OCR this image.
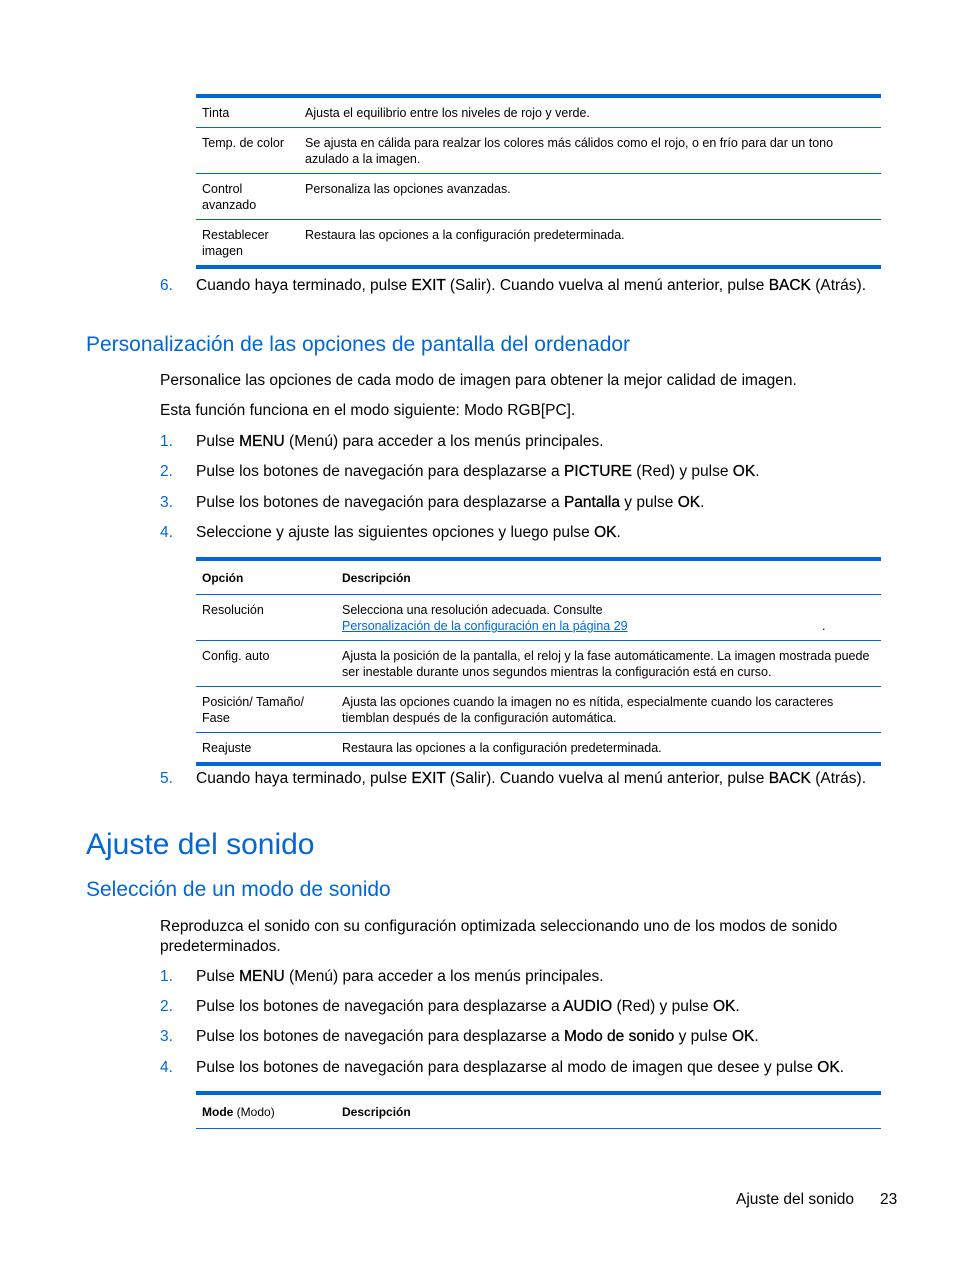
Tinta	Ajusta el equilibrio entre los niveles de rojo y verde.
Temp. de color	Se ajusta en cálida para realzar los colores más cálidos como el rojo, o en frío para dar un tono azulado a la imagen.
Control avanzado	Personaliza las opciones avanzadas.
Restablecer imagen	Restaura las opciones a la configuración predeterminada.
6. Cuando haya terminado, pulse EXIT (Salir). Cuando vuelva al menú anterior, pulse BACK (Atrás).
Personalización de las opciones de pantalla del ordenador
Personalice las opciones de cada modo de imagen para obtener la mejor calidad de imagen.
Esta función funciona en el modo siguiente: Modo RGB[PC].
1. Pulse MENU (Menú) para acceder a los menús principales.
2. Pulse los botones de navegación para desplazarse a PICTURE (Red) y pulse OK.
3. Pulse los botones de navegación para desplazarse a Pantalla y pulse OK.
4. Seleccione y ajuste las siguientes opciones y luego pulse OK.
Opción	Descripción
Resolución	Selecciona una resolución adecuada. Consulte Personalización de la configuración en la página 29 .
Config. auto	Ajusta la posición de la pantalla, el reloj y la fase automáticamente. La imagen mostrada puede ser inestable durante unos segundos mientras la configuración está en curso.
Posición/ Tamaño/ Fase	Ajusta las opciones cuando la imagen no es nítida, especialmente cuando los caracteres tiemblan después de la configuración automática.
Reajuste	Restaura las opciones a la configuración predeterminada.
5. Cuando haya terminado, pulse EXIT (Salir). Cuando vuelva al menú anterior, pulse BACK (Atrás).
Ajuste del sonido
Selección de un modo de sonido
Reproduzca el sonido con su configuración optimizada seleccionando uno de los modos de sonido predeterminados.
1. Pulse MENU (Menú) para acceder a los menús principales.
2. Pulse los botones de navegación para desplazarse a AUDIO (Red) y pulse OK.
3. Pulse los botones de navegación para desplazarse a Modo de sonido y pulse OK.
4. Pulse los botones de navegación para desplazarse al modo de imagen que desee y pulse OK.
Mode (Modo)	Descripción
Ajuste del sonido 23
